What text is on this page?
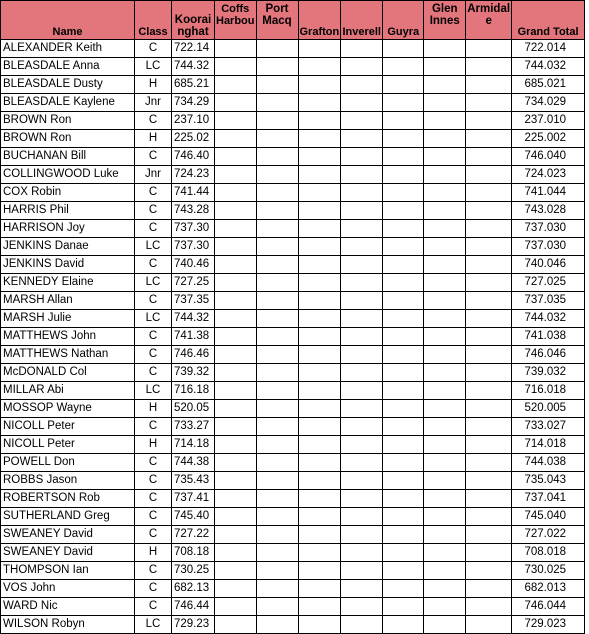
Name	Class	Koorai nghat	Coffs Harbou	Port Macq	Grafton	Inverell	Guyra	Glen Innes	Armidal e	Grand Total
ALEXANDER Keith	C	722.14								722.014
BLEASDALE Anna	LC	744.32								744.032
BLEASDALE Dusty	H	685.21								685.021
BLEASDALE Kaylene	Jnr	734.29								734.029
BROWN Ron	C	237.10								237.010
BROWN Ron	H	225.02								225.002
BUCHANAN Bill	C	746.40								746.040
COLLINGWOOD Luke	Jnr	724.23								724.023
COX Robin	C	741.44								741.044
HARRIS Phil	C	743.28								743.028
HARRISON Joy	C	737.30								737.030
JENKINS Danae	LC	737.30								737.030
JENKINS David	C	740.46								740.046
KENNEDY Elaine	LC	727.25								727.025
MARSH Allan	C	737.35								737.035
MARSH Julie	LC	744.32								744.032
MATTHEWS John	C	741.38								741.038
MATTHEWS Nathan	C	746.46								746.046
McDONALD Col	C	739.32								739.032
MILLAR Abi	LC	716.18								716.018
MOSSOP Wayne	H	520.05								520.005
NICOLL Peter	C	733.27								733.027
NICOLL Peter	H	714.18								714.018
POWELL Don	C	744.38								744.038
ROBBS Jason	C	735.43								735.043
ROBERTSON Rob	C	737.41								737.041
SUTHERLAND Greg	C	745.40								745.040
SWEANEY David	C	727.22								727.022
SWEANEY David	H	708.18								708.018
THOMPSON Ian	C	730.25								730.025
VOS John	C	682.13								682.013
WARD Nic	C	746.44								746.044
WILSON Robyn	LC	729.23								729.023
